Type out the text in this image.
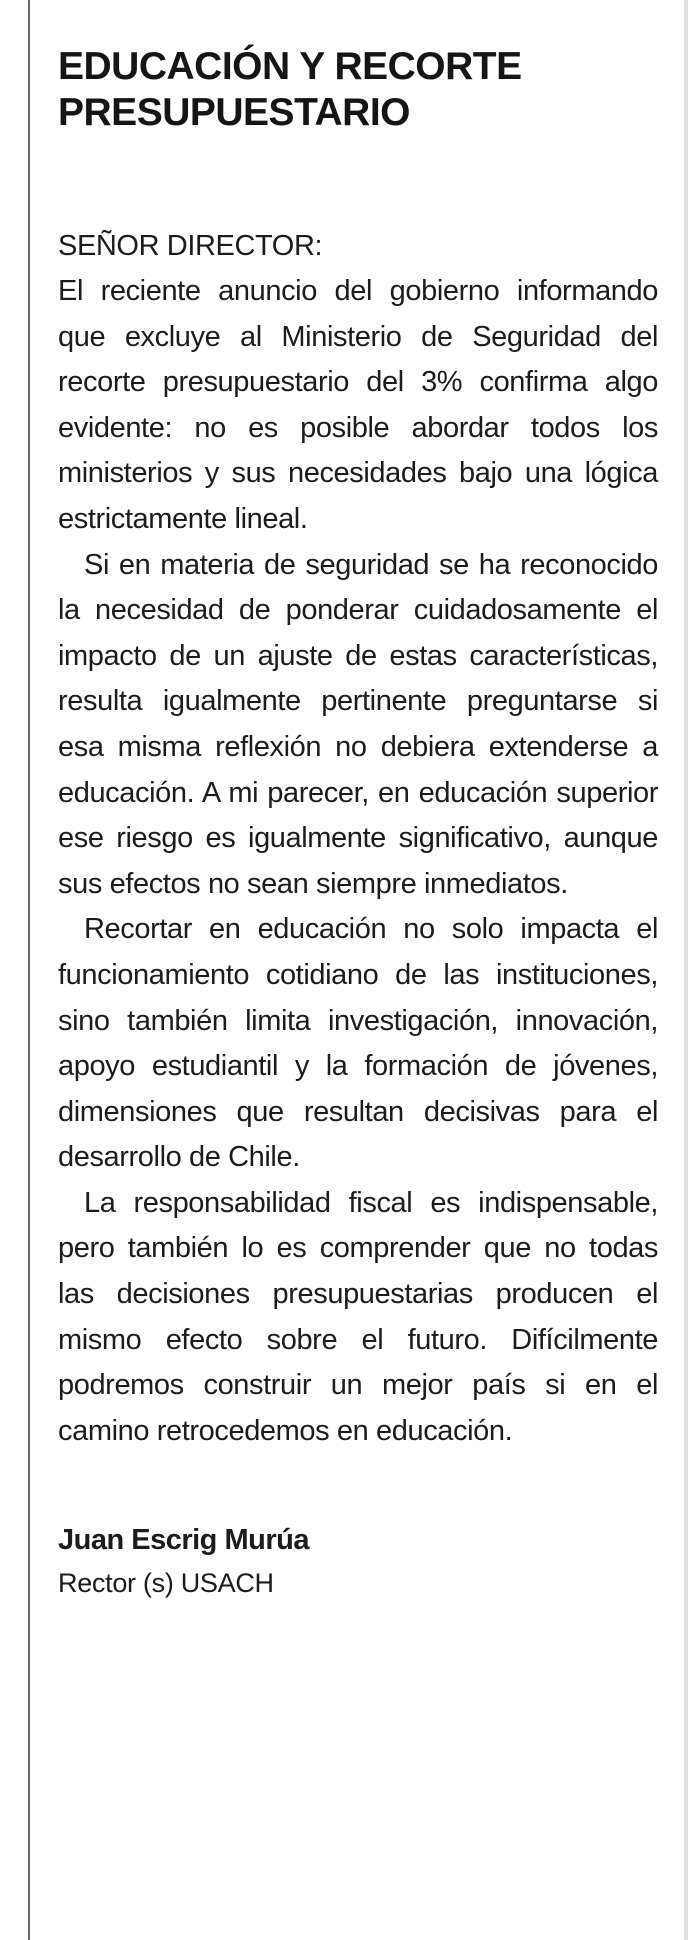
EDUCACIÓN Y RECORTE PRESUPUESTARIO

SEÑOR DIRECTOR:

El reciente anuncio del gobierno informando que excluye al Ministerio de Seguridad del recorte presupuestario del 3% confirma algo evidente: no es posible abordar todos los ministerios y sus necesidades bajo una lógica estrictamente lineal.

Si en materia de seguridad se ha reconocido la necesidad de ponderar cuidadosamente el impacto de un ajuste de estas características, resulta igualmente pertinente preguntarse si esa misma reflexión no debiera extenderse a educación. A mi parecer, en educación superior ese riesgo es igualmente significativo, aunque sus efectos no sean siempre inmediatos.

Recortar en educación no solo impacta el funcionamiento cotidiano de las instituciones, sino también limita investigación, innovación, apoyo estudiantil y la formación de jóvenes, dimensiones que resultan decisivas para el desarrollo de Chile.

La responsabilidad fiscal es indispensable, pero también lo es comprender que no todas las decisiones presupuestarias producen el mismo efecto sobre el futuro. Difícilmente podremos construir un mejor país si en el camino retrocedemos en educación.

Juan Escrig Murúa

Rector (s) USACH
